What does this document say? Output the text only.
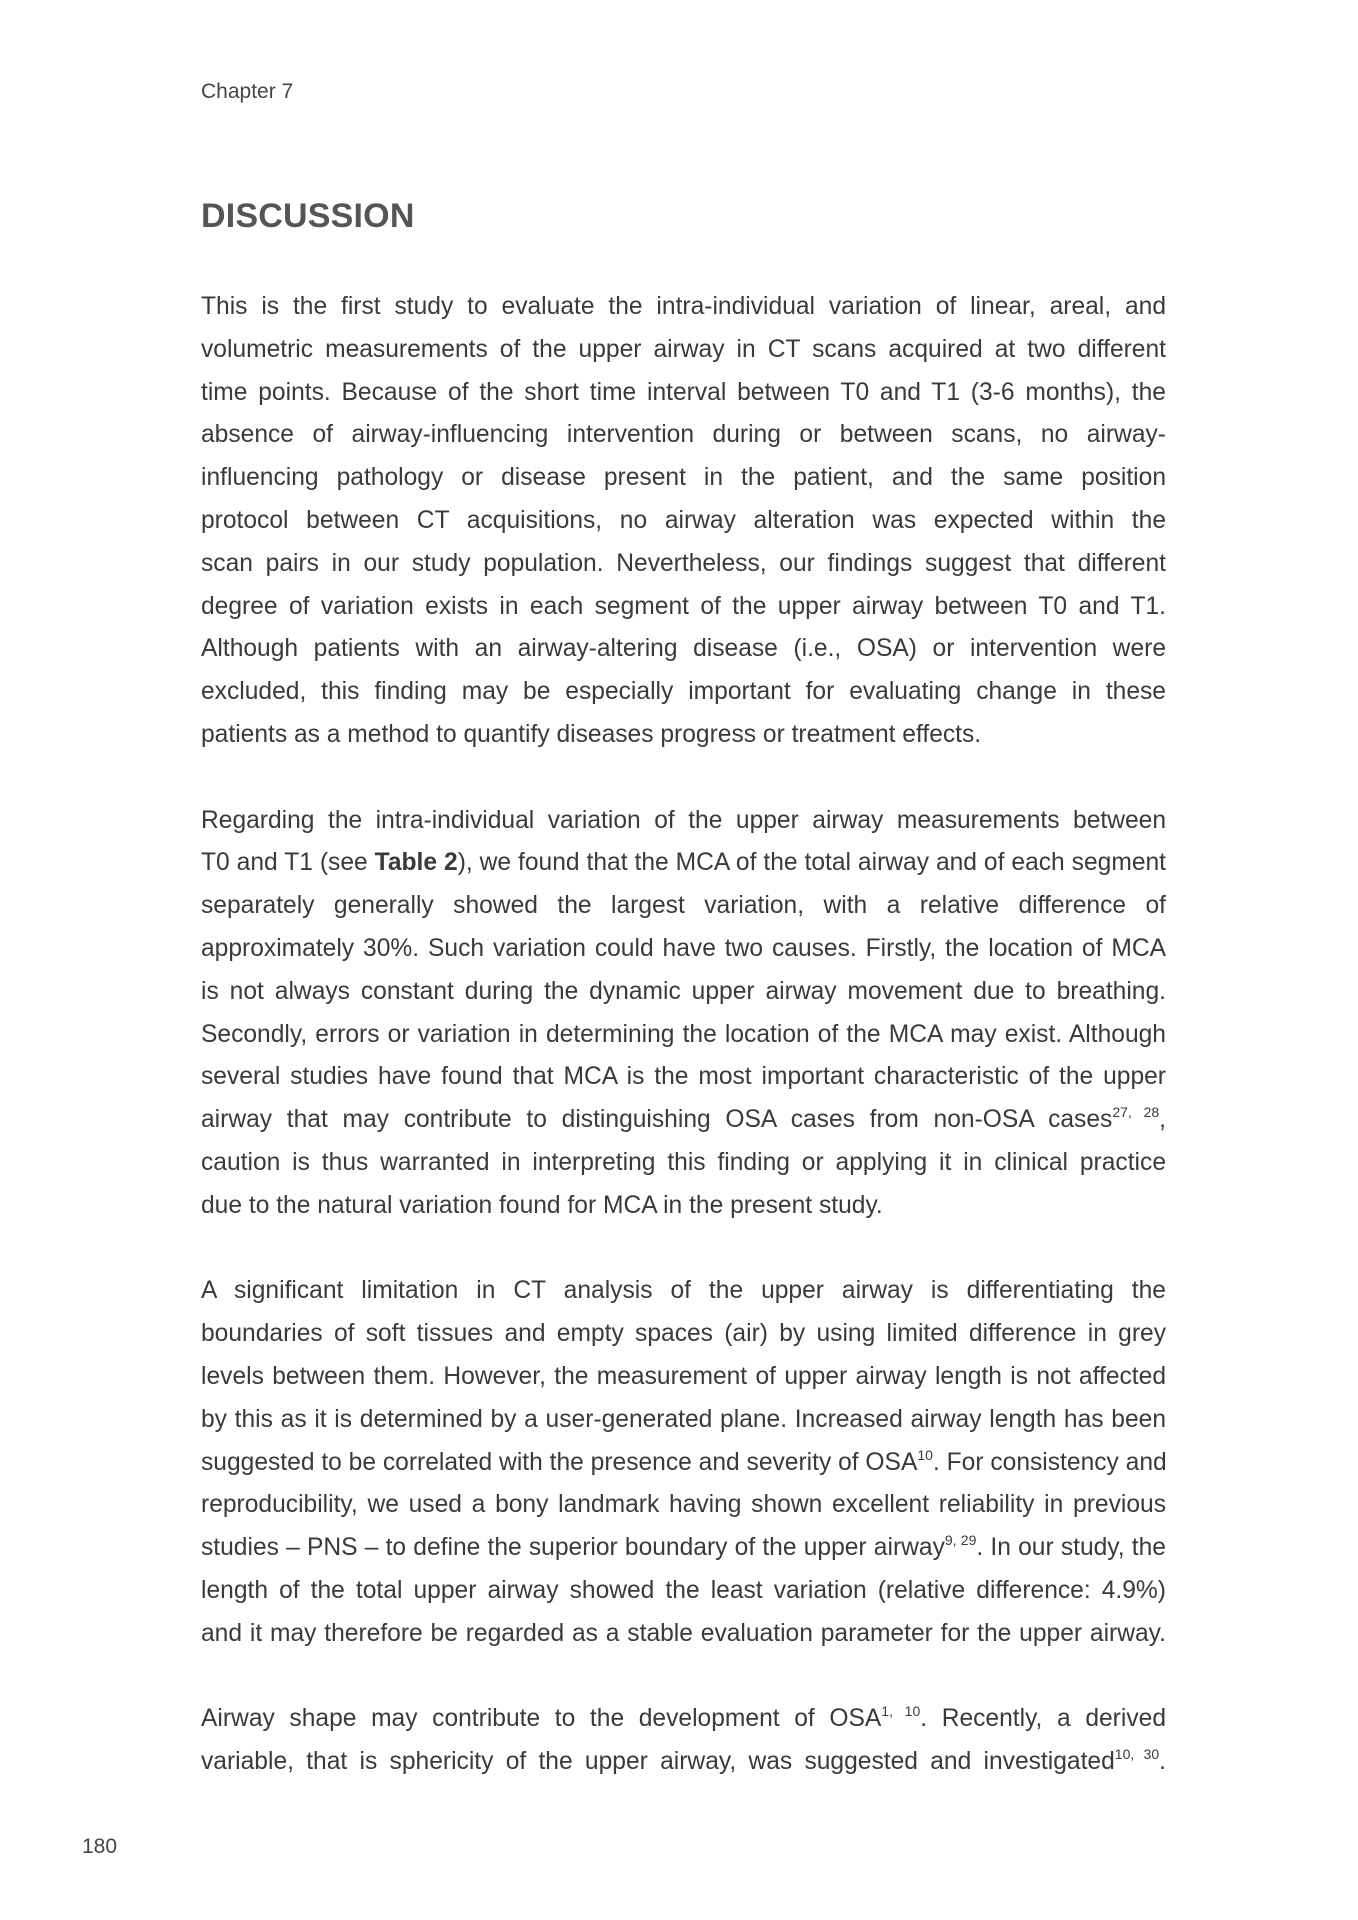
Chapter 7
DISCUSSION

This is the first study to evaluate the intra-individual variation of linear, areal, and
volumetric measurements of the upper airway in CT scans acquired at two different
time points. Because of the short time interval between T0 and T1 (3-6 months), the
absence of airway-influencing intervention during or between scans, no airway-
influencing pathology or disease present in the patient, and the same position
protocol between CT acquisitions, no airway alteration was expected within the
scan pairs in our study population. Nevertheless, our findings suggest that different
degree of variation exists in each segment of the upper airway between T0 and T1.
Although patients with an airway-altering disease (i.e., OSA) or intervention were
excluded, this finding may be especially important for evaluating change in these
patients as a method to quantify diseases progress or treatment effects.

Regarding the intra-individual variation of the upper airway measurements between
T0 and T1 (see Table 2), we found that the MCA of the total airway and of each segment
separately generally showed the largest variation, with a relative difference of
approximately 30%. Such variation could have two causes. Firstly, the location of MCA
is not always constant during the dynamic upper airway movement due to breathing.
Secondly, errors or variation in determining the location of the MCA may exist. Although
several studies have found that MCA is the most important characteristic of the upper
airway that may contribute to distinguishing OSA cases from non-OSA cases$^{27, 28}$,
caution is thus warranted in interpreting this finding or applying it in clinical practice
due to the natural variation found for MCA in the present study.

A significant limitation in CT analysis of the upper airway is differentiating the
boundaries of soft tissues and empty spaces (air) by using limited difference in grey
levels between them. However, the measurement of upper airway length is not affected
by this as it is determined by a user-generated plane. Increased airway length has been
suggested to be correlated with the presence and severity of OSA$^{10}$. For consistency and
reproducibility, we used a bony landmark having shown excellent reliability in previous
studies – PNS – to define the superior boundary of the upper airway$^{9, 29}$. In our study, the
length of the total upper airway showed the least variation (relative difference: 4.9%)
and it may therefore be regarded as a stable evaluation parameter for the upper airway.

Airway shape may contribute to the development of OSA$^{1, 10}$. Recently, a derived
variable, that is sphericity of the upper airway, was suggested and investigated$^{10, 30}$.

180
